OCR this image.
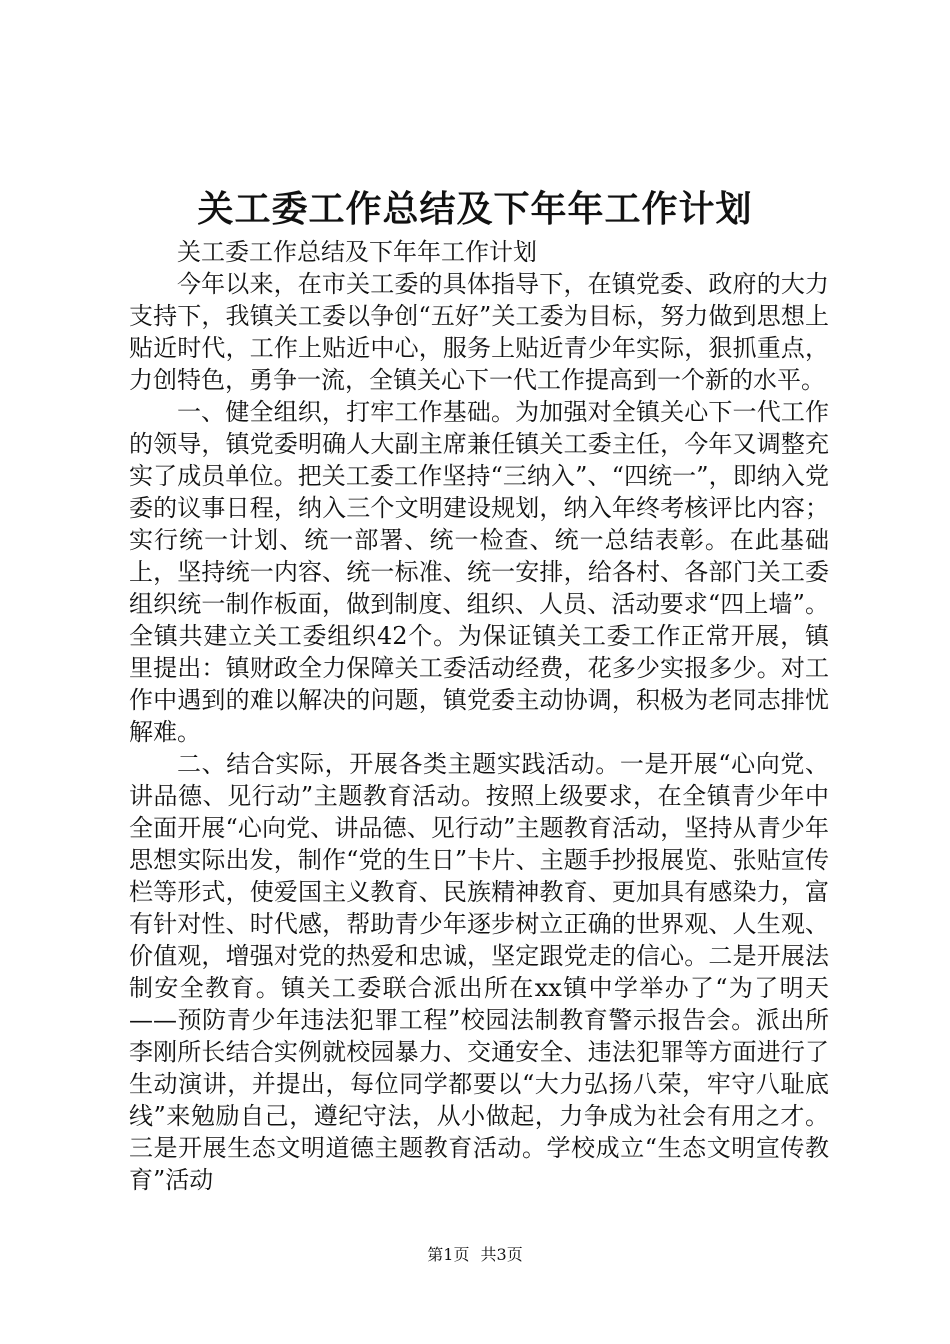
关工委工作总结及下年年工作计划

关工委工作总结及下年年工作计划

今年以来，在市关工委的具体指导下，在镇党委、政府的大力支持下，我镇关工委以争创“五好”关工委为目标，努力做到思想上贴近时代，工作上贴近中心，服务上贴近青少年实际，狠抓重点，力创特色，勇争一流，全镇关心下一代工作提高到一个新的水平。

一、健全组织，打牢工作基础。为加强对全镇关心下一代工作的领导，镇党委明确人大副主席兼任镇关工委主任，今年又调整充实了成员单位。把关工委工作坚持“三纳入”、“四统一”，即纳入党委的议事日程，纳入三个文明建设规划，纳入年终考核评比内容；实行统一计划、统一部署、统一检查、统一总结表彰。在此基础上，坚持统一内容、统一标准、统一安排，给各村、各部门关工委组织统一制作板面，做到制度、组织、人员、活动要求“四上墙”。全镇共建立关工委组织42个。为保证镇关工委工作正常开展，镇里提出：镇财政全力保障关工委活动经费，花多少实报多少。对工作中遇到的难以解决的问题，镇党委主动协调，积极为老同志排忧解难。

二、结合实际，开展各类主题实践活动。一是开展“心向党、讲品德、见行动”主题教育活动。按照上级要求，在全镇青少年中全面开展“心向党、讲品德、见行动”主题教育活动，坚持从青少年思想实际出发，制作“党的生日”卡片、主题手抄报展览、张贴宣传栏等形式，使爱国主义教育、民族精神教育、更加具有感染力，富有针对性、时代感，帮助青少年逐步树立正确的世界观、人生观、价值观，增强对党的热爱和忠诚，坚定跟党走的信心。二是开展法制安全教育。镇关工委联合派出所在xx镇中学举办了“为了明天——预防青少年违法犯罪工程”校园法制教育警示报告会。派出所李刚所长结合实例就校园暴力、交通安全、违法犯罪等方面进行了生动演讲，并提出，每位同学都要以“大力弘扬八荣，牢守八耻底线”来勉励自己，遵纪守法，从小做起，力争成为社会有用之才。三是开展生态文明道德主题教育活动。学校成立“生态文明宣传教育”活动

第1页 共3页
